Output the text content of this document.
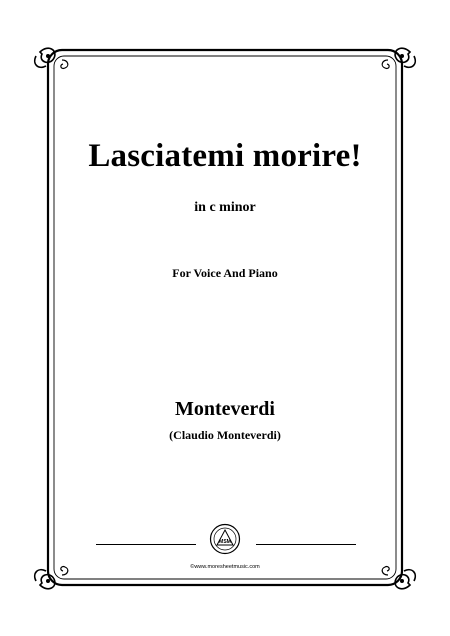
Lasciatemi morire!
in c minor
For Voice And Piano
Monteverdi
(Claudio Monteverdi)
MSM
©www.moresheetmusic.com
